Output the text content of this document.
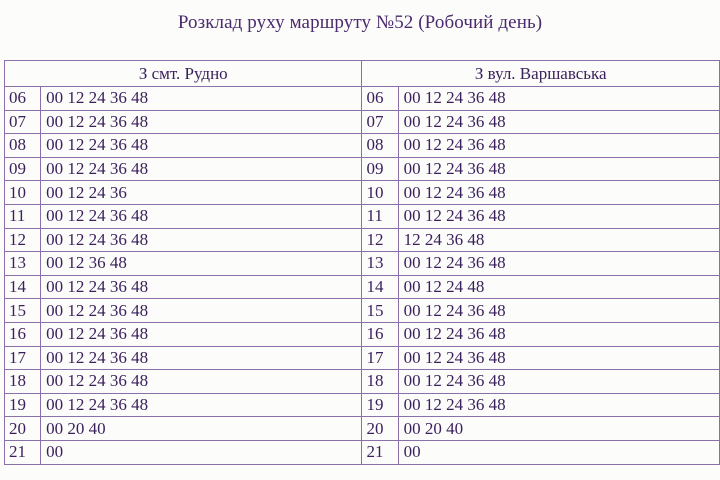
Розклад руху маршруту №52 (Робочий день)
З смт. Рудно		З вул. Варшавська	
06	00 12 24 36 48	06	00 12 24 36 48
07	00 12 24 36 48	07	00 12 24 36 48
08	00 12 24 36 48	08	00 12 24 36 48
09	00 12 24 36 48	09	00 12 24 36 48
10	00 12 24 36	10	00 12 24 36 48
11	00 12 24 36 48	11	00 12 24 36 48
12	00 12 24 36 48	12	12 24 36 48
13	00 12 36 48	13	00 12 24 36 48
14	00 12 24 36 48	14	00 12 24 48
15	00 12 24 36 48	15	00 12 24 36 48
16	00 12 24 36 48	16	00 12 24 36 48
17	00 12 24 36 48	17	00 12 24 36 48
18	00 12 24 36 48	18	00 12 24 36 48
19	00 12 24 36 48	19	00 12 24 36 48
20	00 20 40	20	00 20 40
21	00	21	00
